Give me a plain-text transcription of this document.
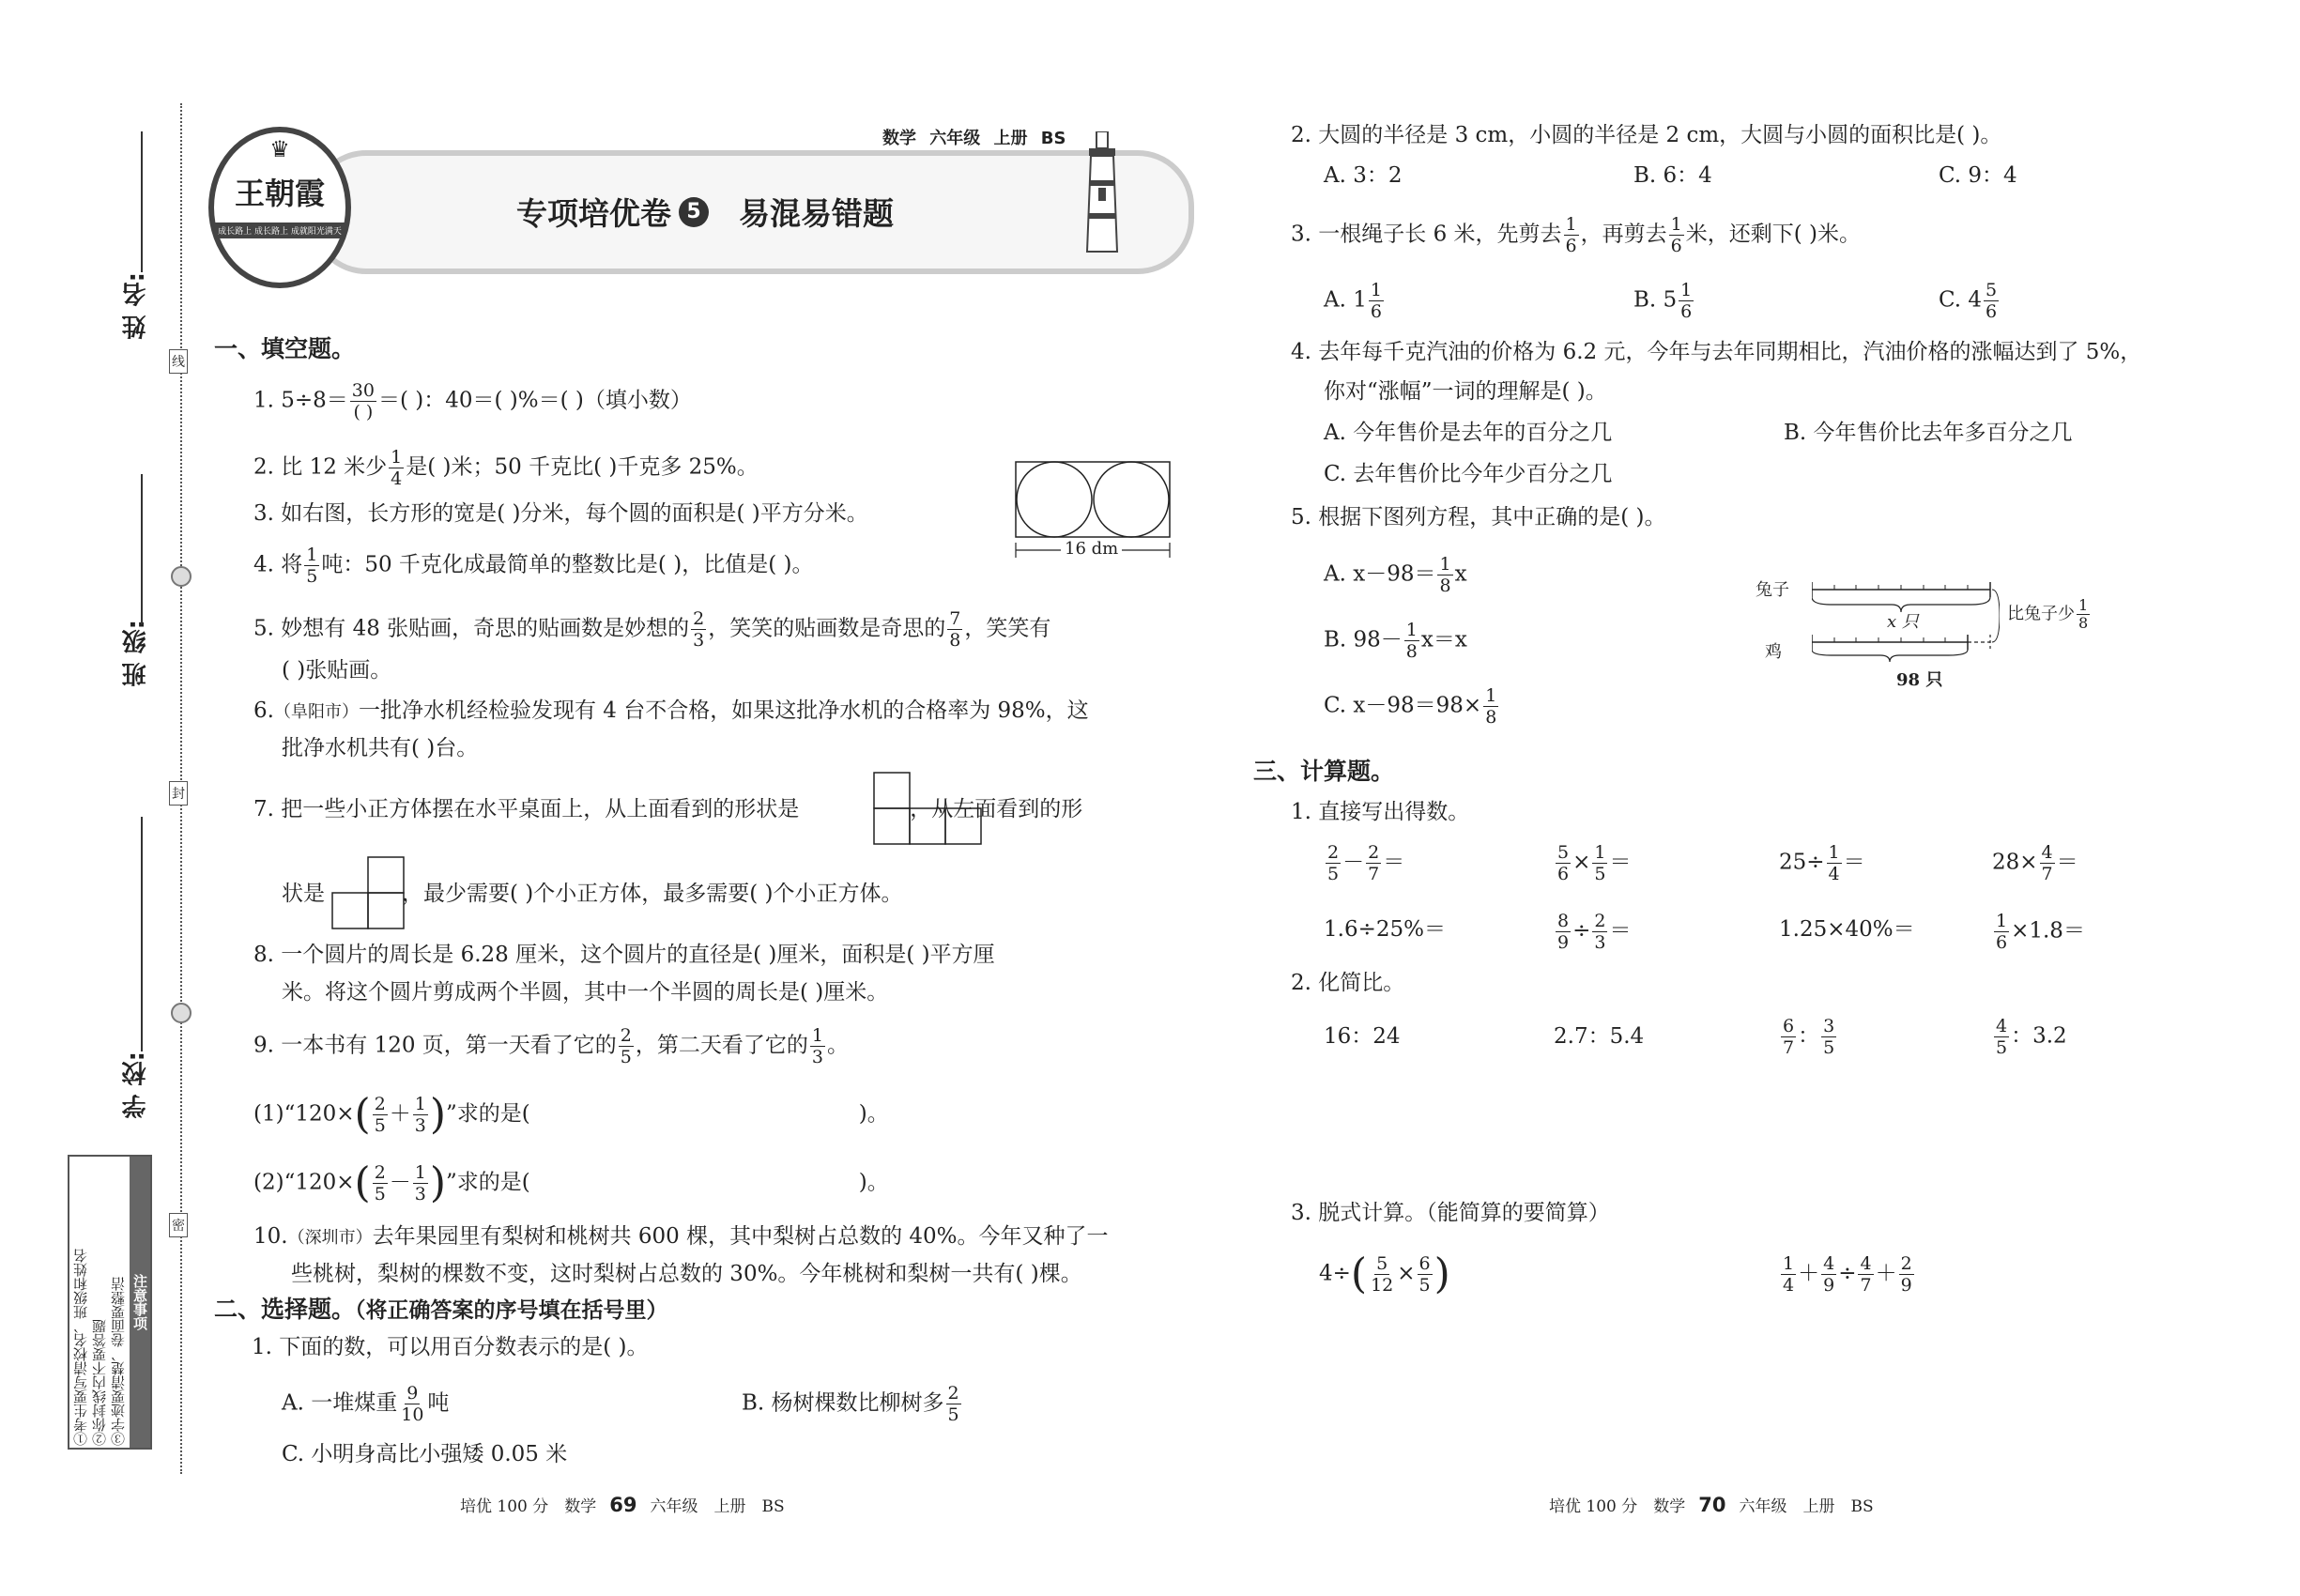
线
封
密
姓 名:
班 级:
学 校:
注意事项
①考生要写清校名、班级和姓名 ②你封线内不要答题 ③字迹要清楚、卷面要整洁
♛
王朝霞
成长路上 成长路上 成就阳光满天
数学 六年级 上册 BS
专项培优卷 5 易混易错题
一、填空题。
1. $5\div 8= \frac{30}{( )}$ ＝( )：40＝( )%＝( )（填小数）
2. 比 12 米少 $\frac{1}{4}$ 是( )米；50 千克比( )千克多 25%。
3. 如右图，长方形的宽是( )分米，每个圆的面积是( )平方分米。
16 dm
4. 将 $\frac{1}{5}$ 吨：50 千克化成最简单的整数比是( )，比值是( )。
5. 妙想有 48 张贴画，奇思的贴画数是妙想的 $\frac{2}{3}$ ，笑笑的贴画数是奇思的 $\frac{7}{8}$ ，笑笑有
( )张贴画。
6.（阜阳市）一批净水机经检验发现有 4 台不合格，如果这批净水机的合格率为 98%，这
批净水机共有( )台。
7. 把一些小正方体摆在水平桌面上，从上面看到的形状是	，从左面看到的形
状是	，最少需要( )个小正方体，最多需要( )个小正方体。
8. 一个圆片的周长是 6.28 厘米，这个圆片的直径是( )厘米，面积是( )平方厘
米。将这个圆片剪成两个半圆，其中一个半圆的周长是( )厘米。
9. 一本书有 120 页，第一天看了它的 $\frac{2}{5}$ ，第二天看了它的 $\frac{1}{3}$ 。
(1)“120×( $\frac{2}{5} + \frac{1}{3}$ )”求的是(	)。
(2)“120×( $\frac{2}{5} - \frac{1}{3}$ )”求的是(	)。
10.（深圳市）去年果园里有梨树和桃树共 600 棵，其中梨树占总数的 40%。今年又种了一
些桃树，梨树的棵数不变，这时梨树占总数的 30%。今年桃树和梨树一共有( )棵。
二、选择题。（将正确答案的序号填在括号里）
1. 下面的数，可以用百分数表示的是( )。
A. 一堆煤重 $\frac{9}{10}$ 吨	B. 杨树棵数比柳树多 $\frac{2}{5}$
C. 小明身高比小强矮 0.05 米
2. 大圆的半径是 3 cm，小圆的半径是 2 cm，大圆与小圆的面积比是( )。
A. 3：2	B. 6：4	C. 9：4
3. 一根绳子长 6 米，先剪去 $\frac{1}{6}$ ，再剪去 $\frac{1}{6}$ 米，还剩下( )米。
A. $1 \frac{1}{6}$	B. $5 \frac{1}{6}$	C. $4 \frac{5}{6}$
4. 去年每千克汽油的价格为 6.2 元，今年与去年同期相比，汽油价格的涨幅达到了 5%，
你对“涨幅”一词的理解是( )。
A. 今年售价是去年的百分之几	B. 今年售价比去年多百分之几
C. 去年售价比今年少百分之几
5. 根据下图列方程，其中正确的是( )。
A. $x-98= \frac{1}{8}$ x
B. $98- \frac{1}{8} x=x$
C. $x-98=98\times \frac{1}{8}$
兔子
鸡
x 只	比兔子少 $\frac{1}{8}$
98 只
三、计算题。
1. 直接写出得数。
$\frac{2}{5} - \frac{2}{7}$ ＝	$\frac{5}{6} \times \frac{1}{5}$ ＝	$25\div \frac{1}{4}$ ＝	$28\times \frac{4}{7}$ ＝
1.6÷25%＝	$\frac{8}{9} \div \frac{2}{3}$ ＝	1.25×40%＝	$\frac{1}{6} \times 1.8=$
2. 化简比。
16：24	2.7：5.4	$\frac{6}{7}$ ： $\frac{3}{5}$	$\frac{4}{5}$ ：3.2
3. 脱式计算。（能简算的要简算）
$4\div( \frac{5}{12} \times \frac{6}{5}$ )	$\frac{1}{4} + \frac{4}{9} \div \frac{4}{7} + \frac{2}{9}$
培优 100 分　数学 69 六年级　上册　BS	培优 100 分　数学 70 六年级　上册　BS
